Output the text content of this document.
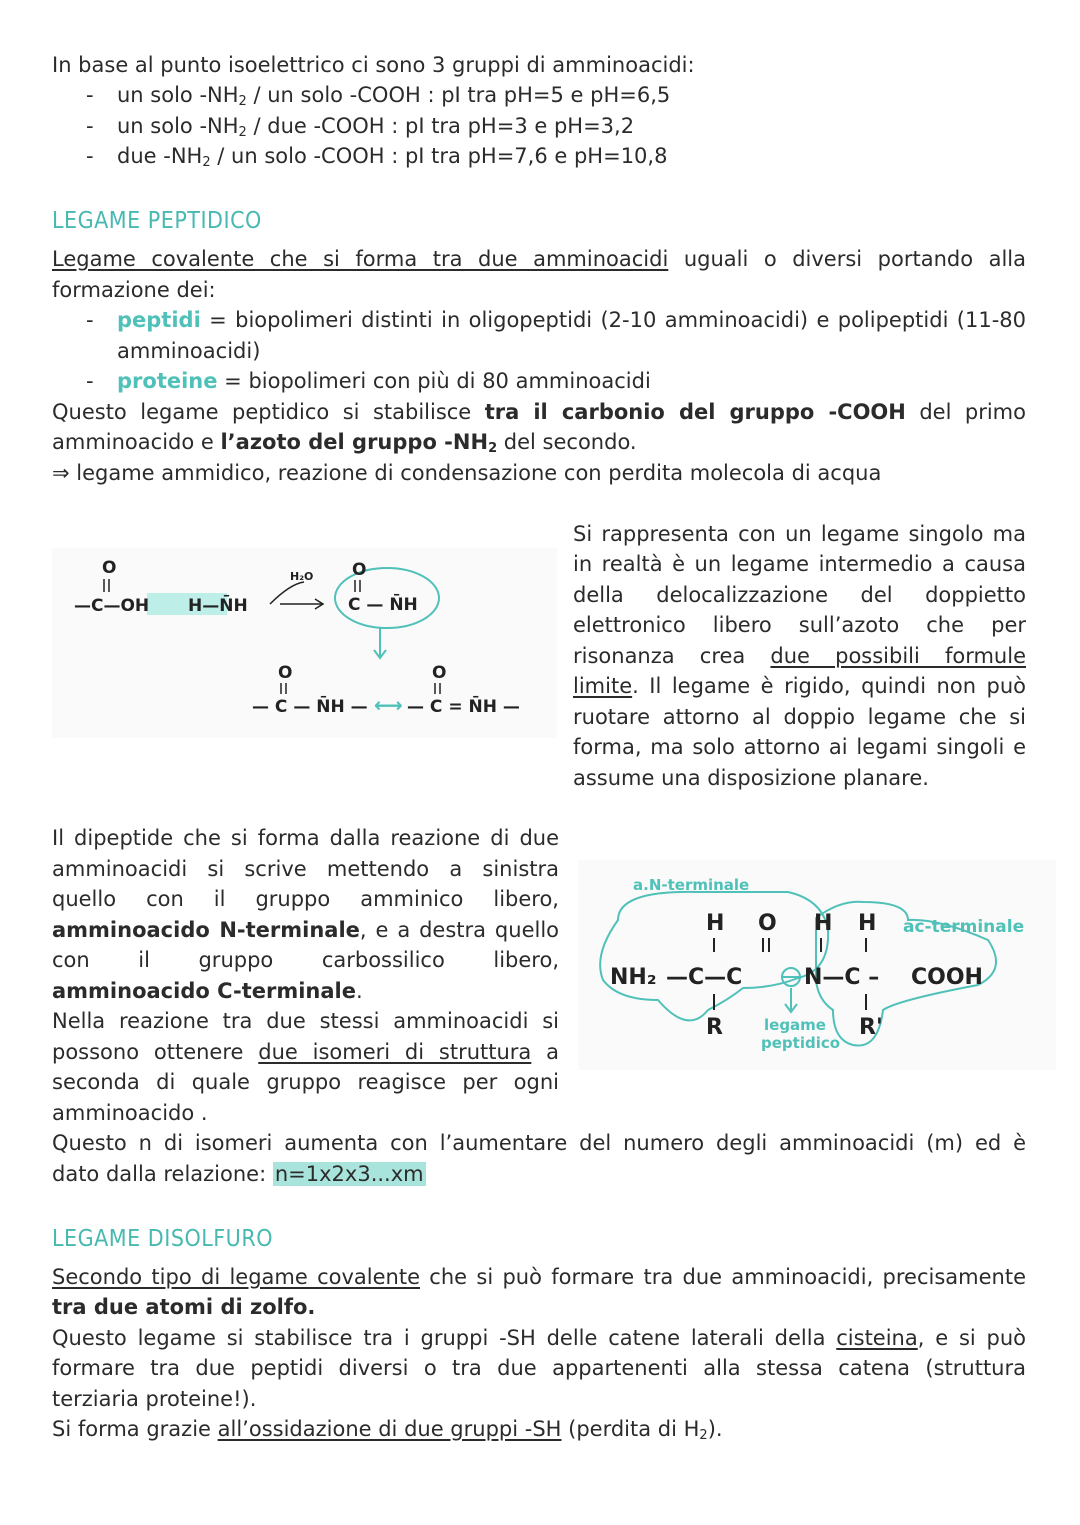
In base al punto isoelettrico ci sono 3 gruppi di amminoacidi:

- un solo $-NH_2$ / un solo -COOH : pI tra pH=5 e pH=6,5

- un solo $-NH_2$ / due -COOH : pI tra pH=3 e pH=3,2

- due $-NH_2$ / un solo -COOH : pI tra pH=7,6 e pH=10,8

LEGAME PEPTIDICO

Legame covalente che si forma tra due amminoacidi uguali o diversi portando alla

formazione dei:

- peptidi = biopolimeri distinti in oligopeptidi (2-10 amminoacidi) e polipeptidi (11-80

amminoacidi)

- proteine = biopolimeri con più di 80 amminoacidi

Questo legame peptidico si stabilisce tra il carbonio del gruppo -COOH del primo

amminoacido e l’azoto del gruppo $-NH_2$ del secondo.

⇒ legame ammidico, reazione di condensazione con perdita molecola di acqua

O
—C—OH H—N̄H
H₂O O
C — N̄H
O
— C — N̄H — ⟷
O
— C = N̄H —

Si rappresenta con un legame singolo ma

in realtà è un legame intermedio a causa

della delocalizzazione del doppietto

elettronico libero sull’azoto che per

risonanza crea due possibili formule

limite. Il legame è rigido, quindi non può

ruotare attorno al doppio legame che si

forma, ma solo attorno ai legami singoli e

assume una disposizione planare.

Il dipeptide che si forma dalla reazione di due

amminoacidi si scrive mettendo a sinistra

quello con il gruppo amminico libero,

amminoacido N-terminale, e a destra quello

con il gruppo carbossilico libero,

amminoacido C-terminale.

Nella reazione tra due stessi amminoacidi si

possono ottenere due isomeri di struttura a

seconda di quale gruppo reagisce per ogni

amminoacido .

a.N-terminale
ac-terminale
H O H H
NH₂ —C—C	N—C – COOH
R	R'
legame
peptidico

Questo n di isomeri aumenta con l’aumentare del numero degli amminoacidi (m) ed è

dato dalla relazione: n=1x2x3...xm

LEGAME DISOLFURO

Secondo tipo di legame covalente che si può formare tra due amminoacidi, precisamente

tra due atomi di zolfo.

Questo legame si stabilisce tra i gruppi -SH delle catene laterali della cisteina, e si può

formare tra due peptidi diversi o tra due appartenenti alla stessa catena (struttura

terziaria proteine!).

Si forma grazie all’ossidazione di due gruppi -SH (perdita di $H_2$).
